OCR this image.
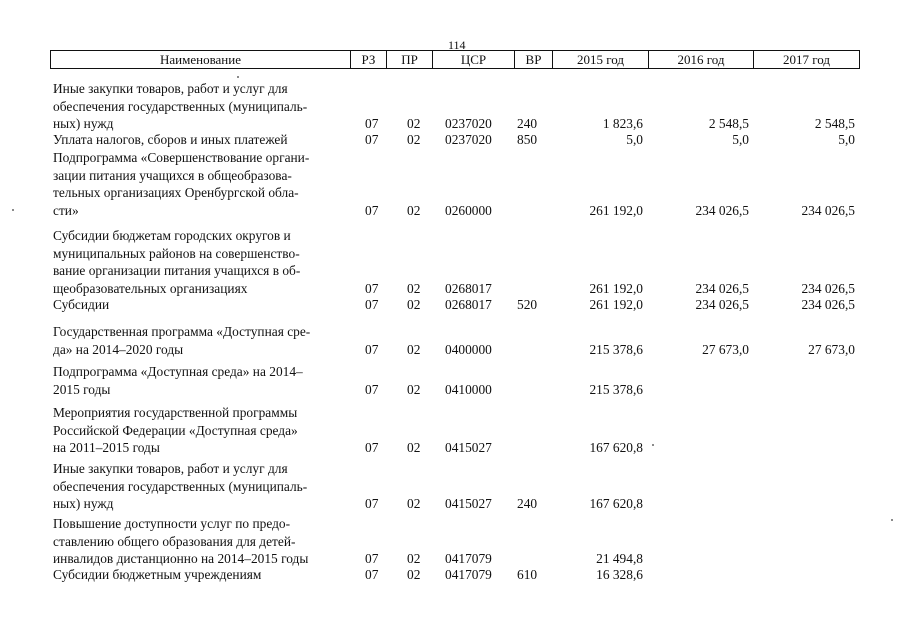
114
Наименование	РЗ	ПР	ЦСР	ВР	2015 год	2016 год	2017 год
Иные закупки товаров, работ и услуг для
обеспечения государственных (муниципаль-
ных) нужд	07 02 0237020 240	1 823,6	2 548,5	2 548,5
Уплата налогов, сборов и иных платежей	07 02 0237020 850	5,0	5,0	5,0
Подпрограмма «Совершенствование органи-
зации питания учащихся в общеобразова-
тельных организациях Оренбургской обла-
сти»	07 02 0260000	261 192,0	234 026,5	234 026,5
Субсидии бюджетам городских округов и
муниципальных районов на совершенство-
вание организации питания учащихся в об-
щеобразовательных организациях	07 02 0268017	261 192,0	234 026,5	234 026,5
Субсидии	07 02 0268017 520	261 192,0	234 026,5	234 026,5
Государственная программа «Доступная сре-
да» на 2014–2020 годы	07 02 0400000	215 378,6	27 673,0	27 673,0
Подпрограмма «Доступная среда» на 2014–
2015 годы	07 02 0410000	215 378,6
Мероприятия государственной программы
Российской Федерации «Доступная среда»
на 2011–2015 годы	07 02 0415027	167 620,8
Иные закупки товаров, работ и услуг для
обеспечения государственных (муниципаль-
ных) нужд	07 02 0415027 240	167 620,8
Повышение доступности услуг по предо-
ставлению общего образования для детей-
инвалидов дистанционно на 2014–2015 годы	07 02 0417079	21 494,8
Субсидии бюджетным учреждениям	07 02 0417079 610	16 328,6
